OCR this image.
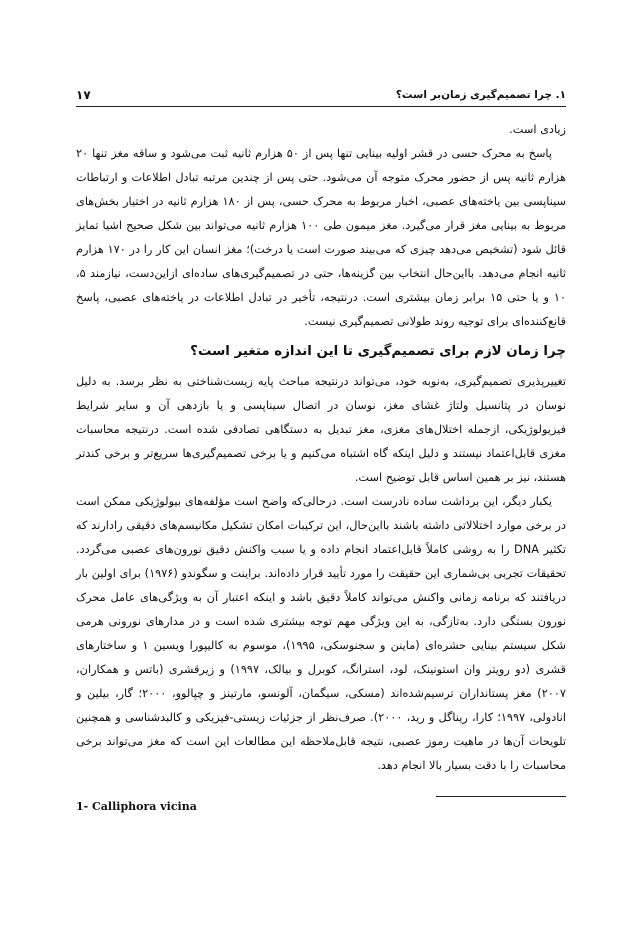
۱. چرا تصمیم‌گیری زمان‌بر است؟
۱۷

زیادی است.

پاسخ به محرک حسی در قشر اولیه بینایی تنها پس از ۵۰ هزارم ثانیه ثبت می‌شود و ساقه مغز تنها ۲۰ هزارم ثانیه پس از حضور محرک متوجه آن می‌شود. حتی پس از چندین مرتبه تبادل اطلاعات و ارتباطات سیناپسی بین یاخته‌های عصبی، اخبار مربوط به محرک حسی، پس از ۱۸۰ هزارم ثانیه در اختیار بخش‌های مربوط به بینایی مغز قرار می‌گیرد. مغز میمون طی ۱۰۰ هزارم ثانیه می‌تواند بین شکل صحیح اشیا تمایز قائل شود (تشخیص می‌دهد چیزی که می‌بیند صورت است یا درخت)؛ مغز انسان این کار را در ۱۷۰ هزارم ثانیه انجام می‌دهد. بااین‌حال انتخاب بین گزینه‌ها، حتی در تصمیم‌گیری‌های ساده‌ای ازاین‌دست، نیازمند ۵، ۱۰ و یا حتی ۱۵ برابر زمان بیشتری است. درنتیجه، تأخیر در تبادل اطلاعات در یاخته‌های عصبی، پاسخ قانع‌کننده‌ای برای توجیه روند طولانی تصمیم‌گیری نیست.

چرا زمان لازم برای تصمیم‌گیری تا این اندازه متغیر است؟

تغییرپذیری تصمیم‌گیری، به‌نوبه خود، می‌تواند درنتیجه مباحث پایه زیست‌شناختی به نظر برسد. به دلیل نوسان در پتانسیل ولتاژ غشای مغز، نوسان در اتصال سیناپسی و یا بازدهی آن و سایر شرایط فیزیولوژیکی، ازجمله اختلال‌های مغزی، مغز تبدیل به دستگاهی تصادفی شده است. درنتیجه محاسبات مغزی قابل‌اعتماد نیستند و دلیل اینکه گاه اشتباه می‌کنیم و یا برخی تصمیم‌گیری‌ها سریع‌تر و برخی کندتر هستند، نیز بر همین اساس قابل توضیح است.

یکبار دیگر، این برداشت ساده نادرست است. درحالی‌که واضح است مؤلفه‌های بیولوژیکی ممکن است در برخی موارد اختلالاتی داشته باشند بااین‌حال، این ترکیبات امکان تشکیل مکانیسم‌های دقیقی رادارند که تکثیر DNA را به روشی کاملاً قابل‌اعتماد انجام داده و یا سبب واکنش دقیق نورون‌های عصبی می‌گردد. تحقیقات تجربی بی‌شماری این حقیقت را مورد تأیید قرار داده‌اند. براینت و سگوندو (۱۹۷۶) برای اولین بار دریافتند که برنامه زمانی واکنش می‌تواند کاملاً دقیق باشد و اینکه اعتبار آن به ویژگی‌های عامل محرک نورون بستگی دارد. به‌تازگی، به این ویژگی مهم توجه بیشتری شده است و در مدارهای نورونی هرمی شکل سیستم بینایی حشره‌ای (ماینن و سجنوسکی، ۱۹۹۵)، موسوم به کالیپورا ویسین ۱ و ساختارهای قشری (دو رویتر وان استونینک، لود، استرانگ، کوبرل و بیالک، ۱۹۹۷) و زیرقشری (باتس و همکاران، ۲۰۰۷) مغز پستانداران ترسیم‌شده‌اند (مسکی، سیگمان، آلونسو، مارتینز و چپالوو، ۲۰۰۰؛ گار، بیلین و انادولی، ۱۹۹۷؛ کارا، ریناگل و رید، ۲۰۰۰). صرف‌نظر از جزئیات زیستی-فیزیکی و کالبدشناسی و همچنین تلویحات آن‌ها در ماهیت رموز عصبی، نتیجه قابل‌ملاحظه این مطالعات این است که مغز می‌تواند برخی محاسبات را با دقت بسیار بالا انجام دهد.

1- Calliphora vicina
